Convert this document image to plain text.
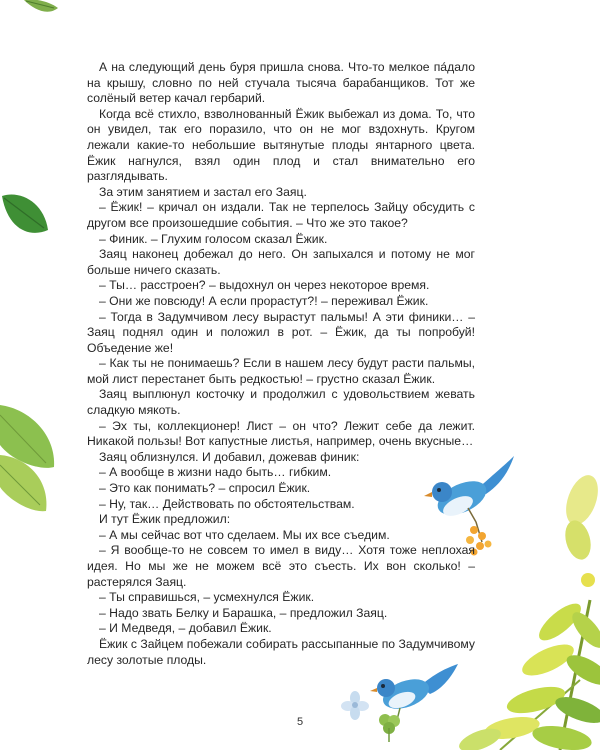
А на следующий день буря пришла снова. Что-то мелкое па́дало на крышу, словно по ней стучала тысяча барабанщиков. Тот же солёный ветер качал гербарий.

Когда всё стихло, взволнованный Ёжик выбежал из дома. То, что он увидел, так его поразило, что он не мог вздохнуть. Кругом лежали какие-то небольшие вытянутые плоды янтарного цвета. Ёжик нагнулся, взял один плод и стал внимательно его разглядывать.

За этим занятием и застал его Заяц.

– Ёжик! – кричал он издали. Так не терпелось Зайцу обсудить с другом все произошедшие события. – Что же это такое?

– Финик. – Глухим голосом сказал Ёжик.

Заяц наконец добежал до него. Он запыхался и потому не мог больше ничего сказать.

– Ты… расстроен? – выдохнул он через некоторое время.

– Они же повсюду! А если прорастут?! – переживал Ёжик.

– Тогда в Задумчивом лесу вырастут пальмы! А эти финики… – Заяц поднял один и положил в рот. – Ёжик, да ты попробуй! Объедение же!

– Как ты не понимаешь? Если в нашем лесу будут расти пальмы, мой лист перестанет быть редкостью! – грустно сказал Ёжик.

Заяц выплюнул косточку и продолжил с удовольствием жевать сладкую мякоть.

– Эх ты, коллекционер! Лист – он что? Лежит себе да лежит. Никакой пользы! Вот капустные листья, например, очень вкусные…

Заяц облизнулся. И добавил, дожевав финик:

– А вообще в жизни надо быть… гибким.

– Это как понимать? – спросил Ёжик.

– Ну, так… Действовать по обстоятельствам.

И тут Ёжик предложил:

– А мы сейчас вот что сделаем. Мы их все съедим.

– Я вообще-то не совсем то имел в виду… Хотя тоже неплохая идея. Но мы же не можем всё это съесть. Их вон сколько! – растерялся Заяц.

– Ты справишься, – усмехнулся Ёжик.

– Надо звать Белку и Барашка, – предложил Заяц.

– И Медведя, – добавил Ёжик.

Ёжик с Зайцем побежали собирать рассыпанные по Задумчивому лесу золотые плоды.

5
